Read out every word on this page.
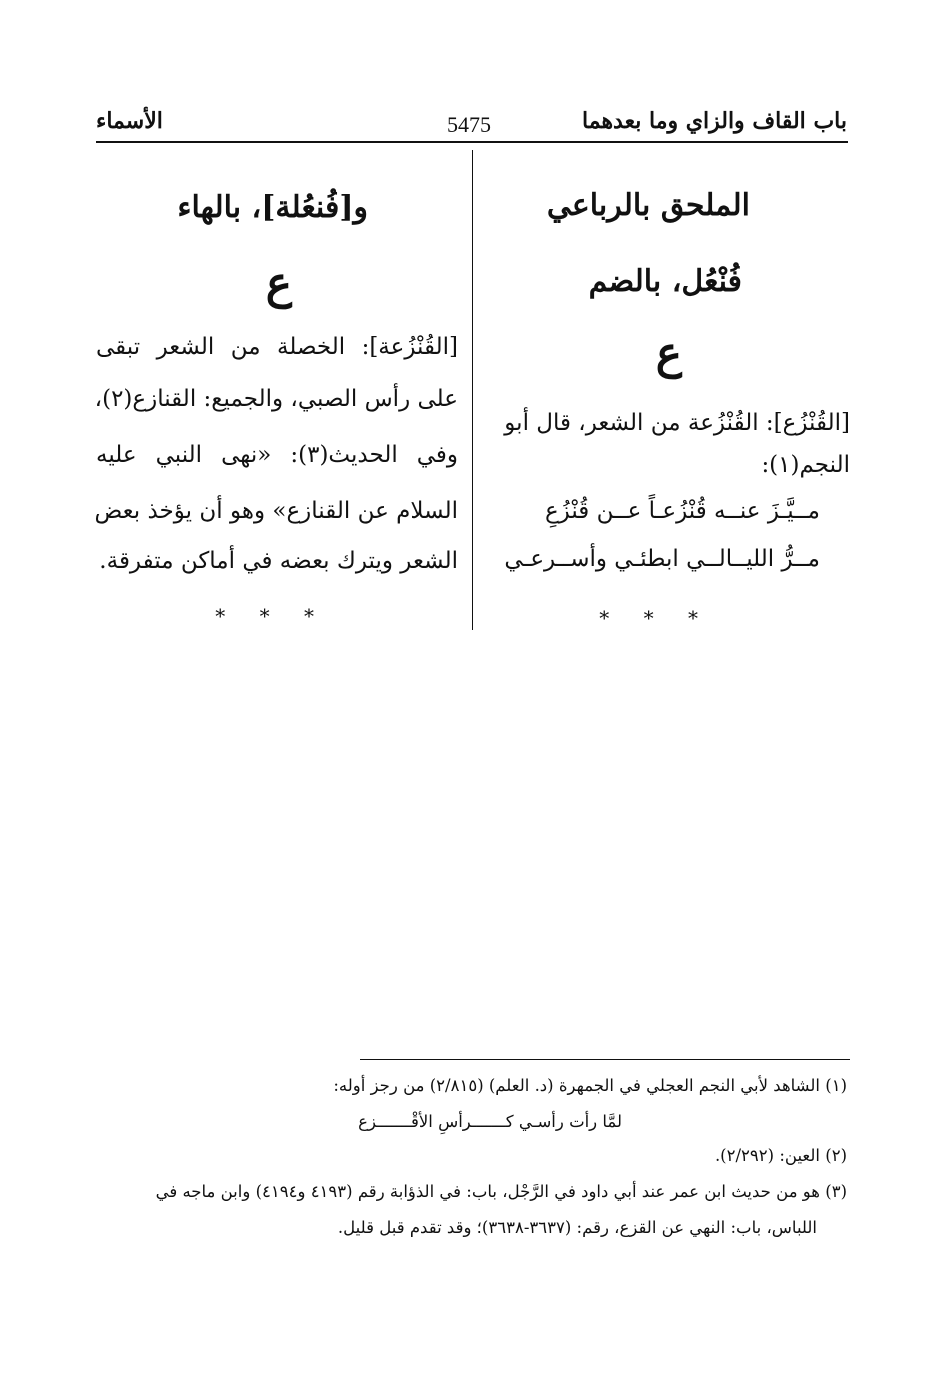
باب القاف والزاي وما بعدهما
5475
الأسماء
الملحق بالرباعي
فُنْعُل، بالضم
ع
[القُنْزُع]: القُنْزُعة من الشعر، قال أبو
النجم(١):
مــيَّـزَ عنــه قُنْزُعـاً عــن قُنْزُعِ
مــرُّ الليــالــي ابطئـي وأســرعـي
* * *
و[فُنعُلة]، بالهاء
ع
[القُنْزُعة]: الخصلة من الشعر تبقى
على رأس الصبي، والجميع: القنازع(٢)،
وفي الحديث(٣): «نهى النبي عليه
السلام عن القنازع» وهو أن يؤخذ بعض
الشعر ويترك بعضه في أماكن متفرقة.
* * *
(١) الشاهد لأبي النجم العجلي في الجمهرة (د. العلم) (٢/٨١٥) من رجز أوله:
لمَّا رأت رأسـي كـــــــرأسِ الأقْـــــــزع
(٢) العين: (٢/٢٩٢).
(٣) هو من حديث ابن عمر عند أبي داود في الرَّجْل، باب: في الذؤابة رقم (٤١٩٣ و٤١٩٤) وابن ماجه في
اللباس، باب: النهي عن القزع، رقم: (٣٦٣٧-٣٦٣٨)؛ وقد تقدم قبل قليل.
